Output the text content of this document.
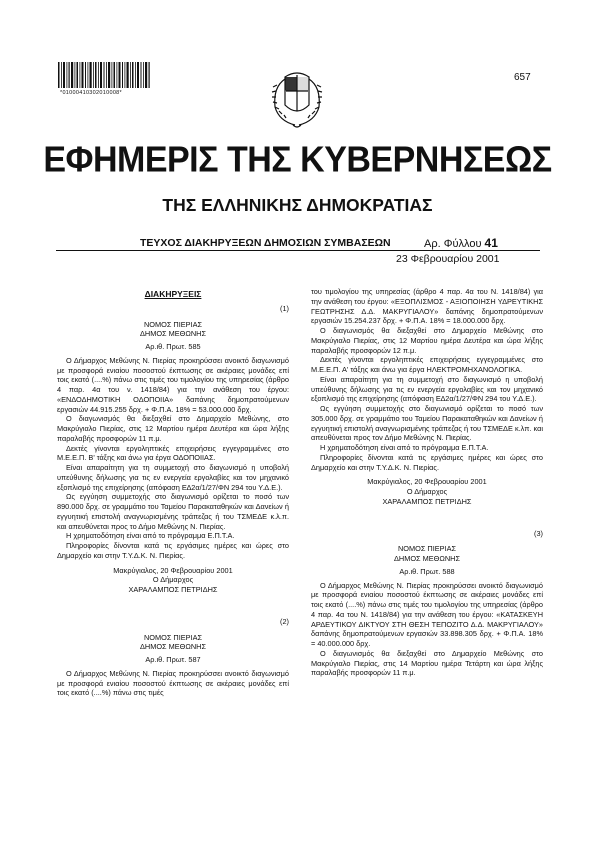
*01000410302010008*
657
ΕΦΗΜΕΡΙΣ ΤΗΣ ΚΥΒΕΡΝΗΣΕΩΣ
ΤΗΣ ΕΛΛΗΝΙΚΗΣ ΔΗΜΟΚΡΑΤΙΑΣ
ΤΕΥΧΟΣ ΔΙΑΚΗΡΥΞΕΩΝ ΔΗΜΟΣΙΩΝ ΣΥΜΒΑΣΕΩΝ	Αρ. Φύλλου 41
23 Φεβρουαρίου 2001
ΔΙΑΚΗΡΥΞΕΙΣ
(1)
ΝΟΜΟΣ ΠΙΕΡΙΑΣ
ΔΗΜΟΣ ΜΕΘΩΝΗΣ
Αρ.ιθ. Πρωτ. 585

Ο Δήμαρχος Μεθώνης Ν. Πιερίας προκηρύσσει ανοικτό διαγωνισμό με προσφορά ενιαίου ποσοστού έκπτωσης σε ακέραιες μονάδες επί τοις εκατό (....%) πάνω στις τιμές του τιμολογίου της υπηρεσίας (άρθρο 4 παρ. 4α του ν. 1418/84) για την ανάθεση του έργου: «ΕΝΔΟΔΗΜΟΤΙΚΗ ΟΔΟΠΟΙΙΑ» δαπάνης δημοπρατούμενων εργασιών 44.915.255 δρχ. + Φ.Π.Α. 18% = 53.000.000 δρχ.

Ο διαγωνισμός θα διεξαχθεί στο Δημαρχείο Μεθώνης, στο Μακρύγιαλο Πιερίας, στις 12 Μαρτίου ημέρα Δευτέρα και ώρα λήξης παραλαβής προσφορών 11 π.μ.

Δεκτές γίνονται εργοληπτικές επιχειρήσεις εγγεγραμμένες στο Μ.Ε.Ε.Π. Β' τάξης και άνω για έργα ΟΔΟΠΟΙΙΑΣ.

Είναι απαραίτητη για τη συμμετοχή στο διαγωνισμό η υποβολή υπεύθυνης δήλωσης για τις εν ενεργεία εργολαβίες και τον μηχανικό εξοπλισμό της επιχείρησης (απόφαση Ε∆2α/1/27/ΦΝ 294 του Υ.Δ.Ε.).

Ως εγγύηση συμμετοχής στο διαγωνισμό ορίζεται το ποσό των 890.000 δρχ. σε γραμμάτιο του Ταμείου Παρακαταθηκών και Δανείων ή εγγυητική επιστολή αναγνωρισμένης τράπεζας ή του ΤΣΜΕΔΕ κ.λ.π. και απευθύνεται προς το Δήμο Μεθώνης Ν. Πιερίας.

Η χρηματοδότηση είναι από το πρόγραμμα Ε.Π.Τ.Α.

Πληροφορίες δίνονται κατά τις εργάσιμες ημέρες και ώρες στο Δημαρχείο και στην Τ.Υ.Δ.Κ. Ν. Πιερίας.

Μακρύγιαλος, 20 Φεβρουαρίου 2001
Ο Δήμαρχος
ΧΑΡΑΛΑΜΠΟΣ ΠΕΤΡΙΔΗΣ
(2)
ΝΟΜΟΣ ΠΙΕΡΙΑΣ
ΔΗΜΟΣ ΜΕΘΩΝΗΣ
Αρ.ιθ. Πρωτ. 587

Ο Δήμαρχος Μεθώνης Ν. Πιερίας προκηρύσσει ανοικτό διαγωνισμό με προσφορά ενιαίου ποσοστού έκπτωσης σε ακέραιες μονάδες επί τοις εκατό (....%) πάνω στις τιμές

του τιμολογίου της υπηρεσίας (άρθρο 4 παρ. 4α του Ν. 1418/84) για την ανάθεση του έργου: «ΕΞΟΠΛΙΣΜΟΣ - ΑΞΙΟΠΟΙΗΣΗ ΥΔΡΕΥΤΙΚΗΣ ΓΕΩΤΡΗΣΗΣ Δ.Δ. ΜΑΚΡΥΓΙΑΛΟΥ» δαπάνης δημοπρατούμενων εργασιών 15.254.237 δρχ. + Φ.Π.Α. 18% = 18.000.000 δρχ.

Ο διαγωνισμός θα διεξαχθεί στο Δημαρχείο Μεθώνης στο Μακρύγιαλο Πιερίας, στις 12 Μαρτίου ημέρα Δευτέρα και ώρα λήξης παραλαβής προσφορών 12 π.μ.

Δεκτές γίνονται εργοληπτικές επιχειρήσεις εγγεγραμμένες στο Μ.Ε.Ε.Π. Α' τάξης και άνω για έργα ΗΛΕΚΤΡΟΜΗΧΑΝΟΛΟΓΙΚΑ.

Είναι απαραίτητη για τη συμμετοχή στο διαγωνισμό η υποβολή υπεύθυνης δήλωσης για τις εν ενεργεία εργολαβίες και τον μηχανικό εξοπλισμό της επιχείρησης (απόφαση Ε∆2α/1/27/ΦΝ 294 του Υ.Δ.Ε.).

Ως εγγύηση συμμετοχής στο διαγωνισμό ορίζεται το ποσό των 305.000 δρχ. σε γραμμάτιο του Ταμείου Παρακαταθηκών και Δανείων ή εγγυητική επιστολή αναγνωρισμένης τράπεζας ή του ΤΣΜΕΔΕ κ.λπ. και απευθύνεται προς τον Δήμο Μεθώνης Ν. Πιερίας.

Η χρηματοδότηση είναι από το πρόγραμμα Ε.Π.Τ.Α.

Πληροφορίες δίνονται κατά τις εργάσιμες ημέρες και ώρες στο Δημαρχείο και στην Τ.Υ.Δ.Κ. Ν. Πιερίας.

Μακρύγιαλος, 20 Φεβρουαρίου 2001
Ο Δήμαρχος
ΧΑΡΑΛΑΜΠΟΣ ΠΕΤΡΙΔΗΣ
(3)
ΝΟΜΟΣ ΠΙΕΡΙΑΣ
ΔΗΜΟΣ ΜΕΘΩΝΗΣ
Αρ.ιθ. Πρωτ. 588

Ο Δήμαρχος Μεθώνης Ν. Πιερίας προκηρύσσει ανοικτό διαγωνισμό με προσφορά ενιαίου ποσοστού έκπτωσης σε ακέραιες μονάδες επί τοις εκατό (....%) πάνω στις τιμές του τιμολογίου της υπηρεσίας (άρθρο 4 παρ. 4α του Ν. 1418/84) για την ανάθεση του έργου: «ΚΑΤΑΣΚΕΥΗ ΑΡΔΕΥΤΙΚΟΥ ΔΙΚΤΥΟΥ ΣΤΗ ΘΕΣΗ ΤΕΠΟΖΙΤΟ Δ.Δ. ΜΑΚΡΥΓΙΑΛΟΥ» δαπάνης δημοπρατούμενων εργασιών 33.898.305 δρχ. + Φ.Π.Α. 18% = 40.000.000 δρχ.

Ο διαγωνισμός θα διεξαχθεί στο Δημαρχείο Μεθώνης στο Μακρύγιαλο Πιερίας, στις 14 Μαρτίου ημέρα Τετάρτη και ώρα λήξης παραλαβής προσφορών 11 π.μ.
